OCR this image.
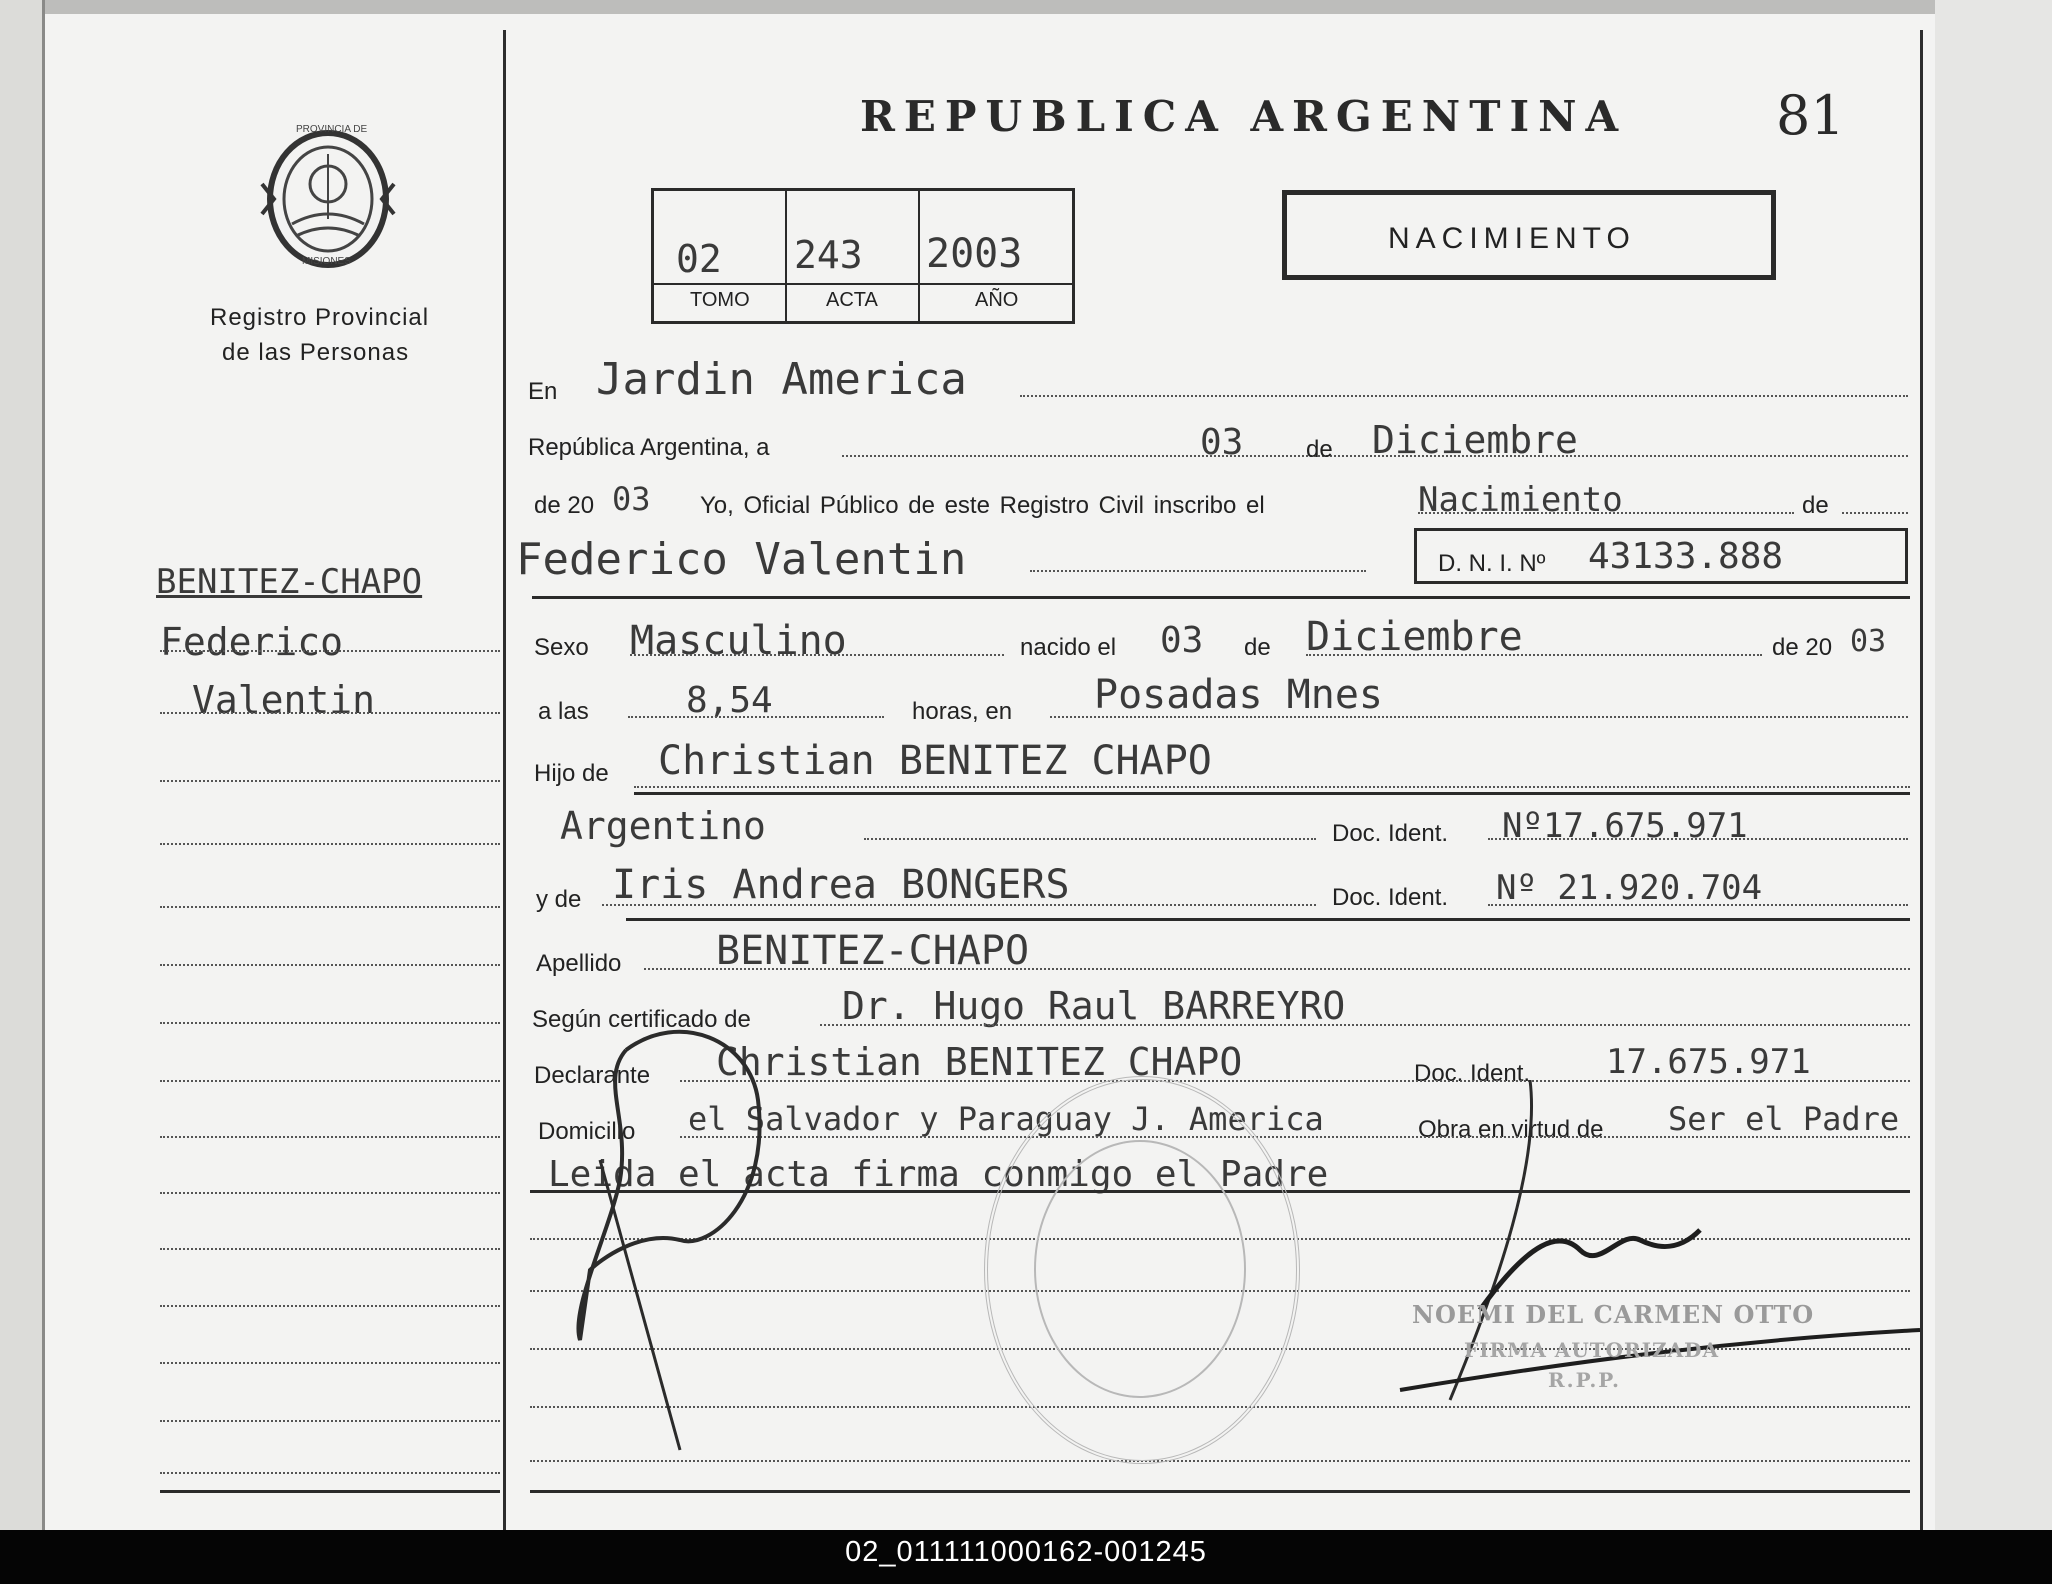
REPUBLICA ARGENTINA	81
PROVINCIA DE
MISIONES
Registro Provincial
de las Personas
02 243 2003
TOMO	ACTA	AÑO
NACIMIENTO
BENITEZ-CHAPO
Federico
Valentin
En Jardin America
República Argentina, a	03	de Diciembre
de 20 03 Yo, Oficial Público de este Registro Civil inscribo el	Nacimiento	de
Federico Valentin	D. N. I. Nº 43133.888
Sexo Masculino	nacido el 03 de Diciembre	de 20 03
a las	8,54	horas, en Posadas Mnes
Hijo de Christian BENITEZ CHAPO
Argentino	Doc. Ident. Nº17.675.971
y de Iris Andrea BONGERS	Doc. Ident. Nº 21.920.704
Apellido BENITEZ-CHAPO
Según certificado de Dr. Hugo Raul BARREYRO
Declarante Christian BENITEZ CHAPO	Doc. Ident. 17.675.971
Domicilio el Salvador y Paraguay J. America	Obra en virtud de Ser el Padre
Leida el acta firma conmigo el Padre
NOEMI DEL CARMEN OTTO
FIRMA AUTORIZADA
R.P.P.
02_011111000162-001245
